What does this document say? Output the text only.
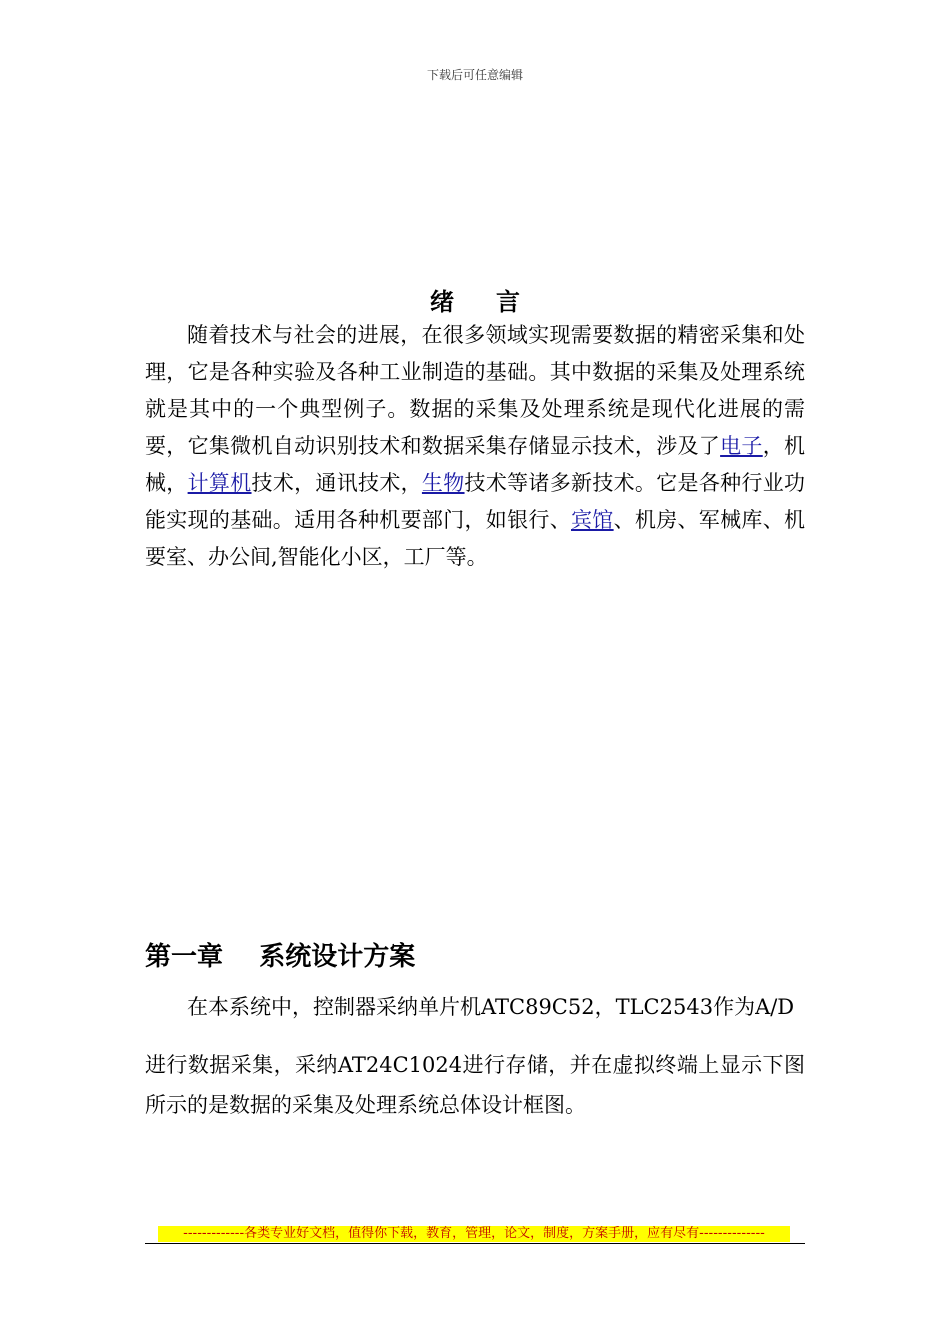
下载后可任意编辑
绪言

随着技术与社会的进展，在很多领域实现需要数据的精密采集和处理，它是各种实验及各种工业制造的基础。其中数据的采集及处理系统就是其中的一个典型例子。数据的采集及处理系统是现代化进展的需要，它集微机自动识别技术和数据采集存储显示技术，涉及了电子，机械，计算机技术，通讯技术，生物技术等诸多新技术。它是各种行业功能实现的基础。适用各种机要部门，如银行、宾馆、机房、军械库、机要室、办公间,智能化小区，工厂等。

第一章    系统设计方案

在本系统中，控制器采纳单片机ATC89C52，TLC2543作为A/D
进行数据采集，采纳AT24C1024进行存储，并在虚拟终端上显示下图所示的是数据的采集及处理系统总体设计框图。

-------------各类专业好文档，值得你下载，教育，管理，论文，制度，方案手册，应有尽有--------------
